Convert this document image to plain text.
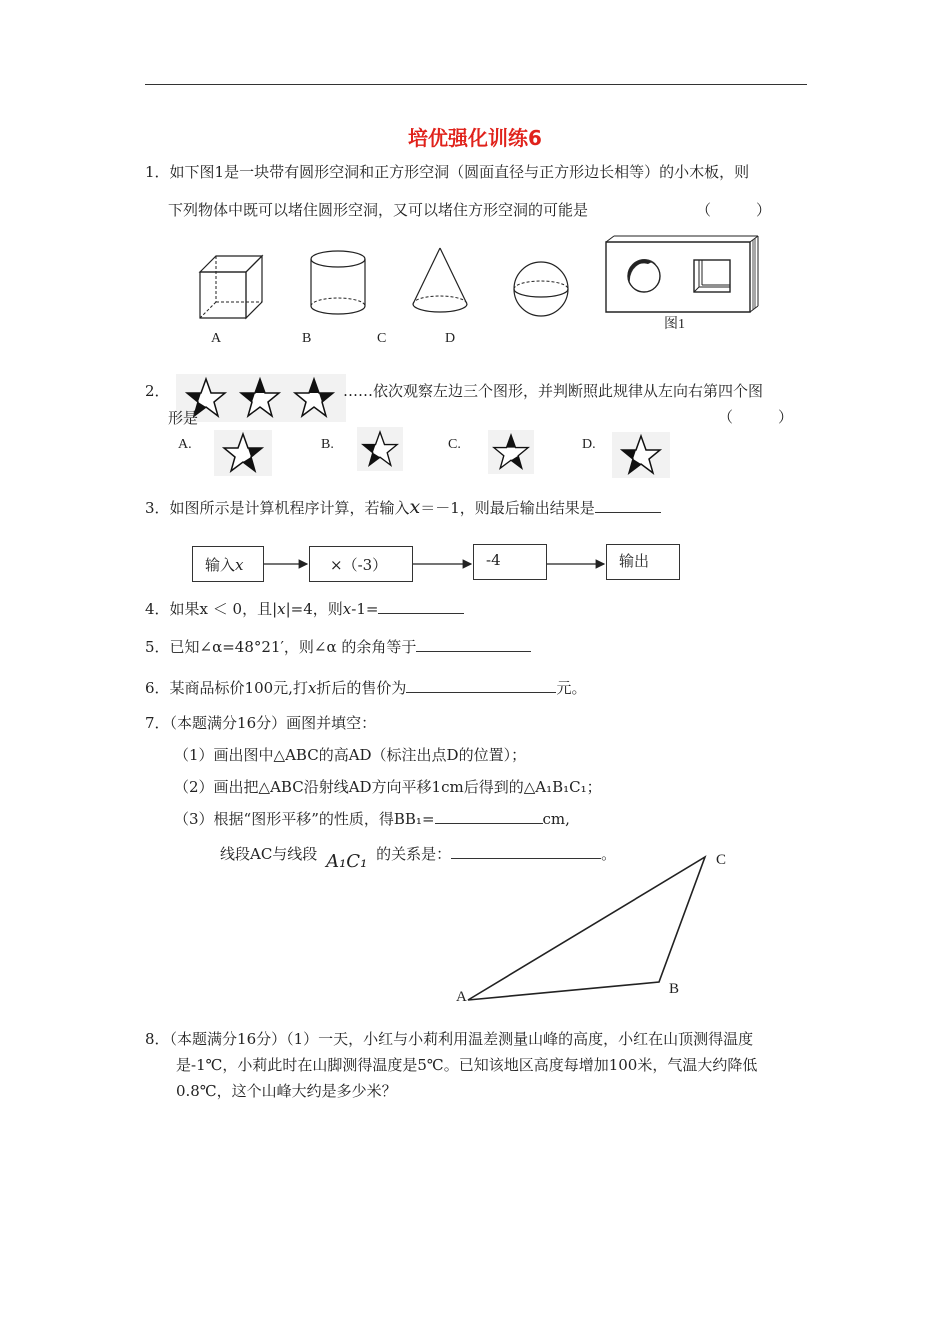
培优强化训练6
1．如下图1是一块带有圆形空洞和正方形空洞（圆面直径与正方形边长相等）的小木板，则
下列物体中既可以堵住圆形空洞，又可以堵住方形空洞的可能是	（　　　）
图1
A	B	C	D
2．	……依次观察左边三个图形，并判断照此规律从左向右第四个图
形是	（　　　）
A.	B.	C.	D.
3．如图所示是计算机程序计算，若输入x＝－1，则最后输出结果是
输入x	×（-3）	-4	输出
4．如果x ＜ 0，且|x|=4，则x-1=
5．已知∠α=48°21′，则∠α 的余角等于
6．某商品标价100元,打x折后的售价为	元。
7．（本题满分16分）画图并填空：
（1）画出图中△ABC的高AD（标注出点D的位置）；
（2）画出把△ABC沿射线AD方向平移1cm后得到的△A₁B₁C₁；
（3）根据“图形平移”的性质，得BB₁=	cm,
线段AC与线段 A₁C₁ 的关系是：	。
A	B
C
8．（本题满分16分）（1）一天，小红与小莉利用温差测量山峰的高度，小红在山顶测得温度
是-1℃，小莉此时在山脚测得温度是5℃。已知该地区高度每增加100米，气温大约降低
0.8℃，这个山峰大约是多少米？
